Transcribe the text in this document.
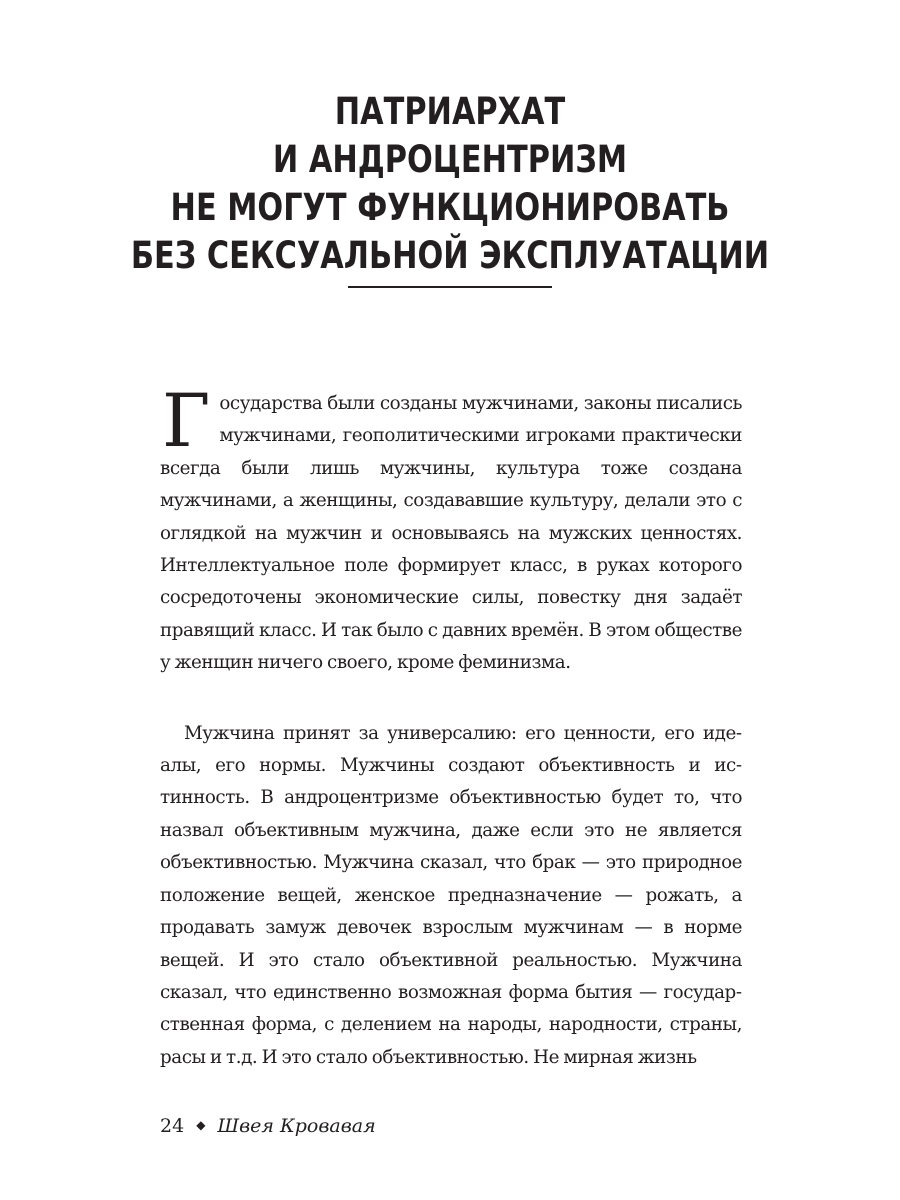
ПАТРИАРХАТ
И АНДРОЦЕНТРИЗМ
НЕ МОГУТ ФУНКЦИОНИРОВАТЬ
БЕЗ СЕКСУАЛЬНОЙ ЭКСПЛУАТАЦИИ

Государства были созданы мужчинами, законы писались мужчинами, геополитическими игроками практически всегда были лишь мужчины, культура тоже создана мужчинами, а женщины, создававшие культуру, делали это с оглядкой на мужчин и основываясь на мужских ценностях. Интеллектуальное поле формирует класс, в руках которого сосредоточены экономические силы, повестку дня задаёт правящий класс. И так было с давних времён. В этом обществе у женщин ничего своего, кроме феминизма.

Мужчина принят за универсалию: его ценности, его идеалы, его нормы. Мужчины создают объективность и истинность. В андроцентризме объективностью будет то, что назвал объективным мужчина, даже если это не является объективностью. Мужчина сказал, что брак — это природное положение вещей, женское предназначение — рожать, а продавать замуж девочек взрослым мужчинам — в норме вещей. И это стало объективной реальностью. Мужчина сказал, что единственно возможная форма бытия — государственная форма, с делением на народы, народности, страны, расы и т.д. И это стало объективностью. Не мирная жизнь

24 ◆ Швея Кровавая
